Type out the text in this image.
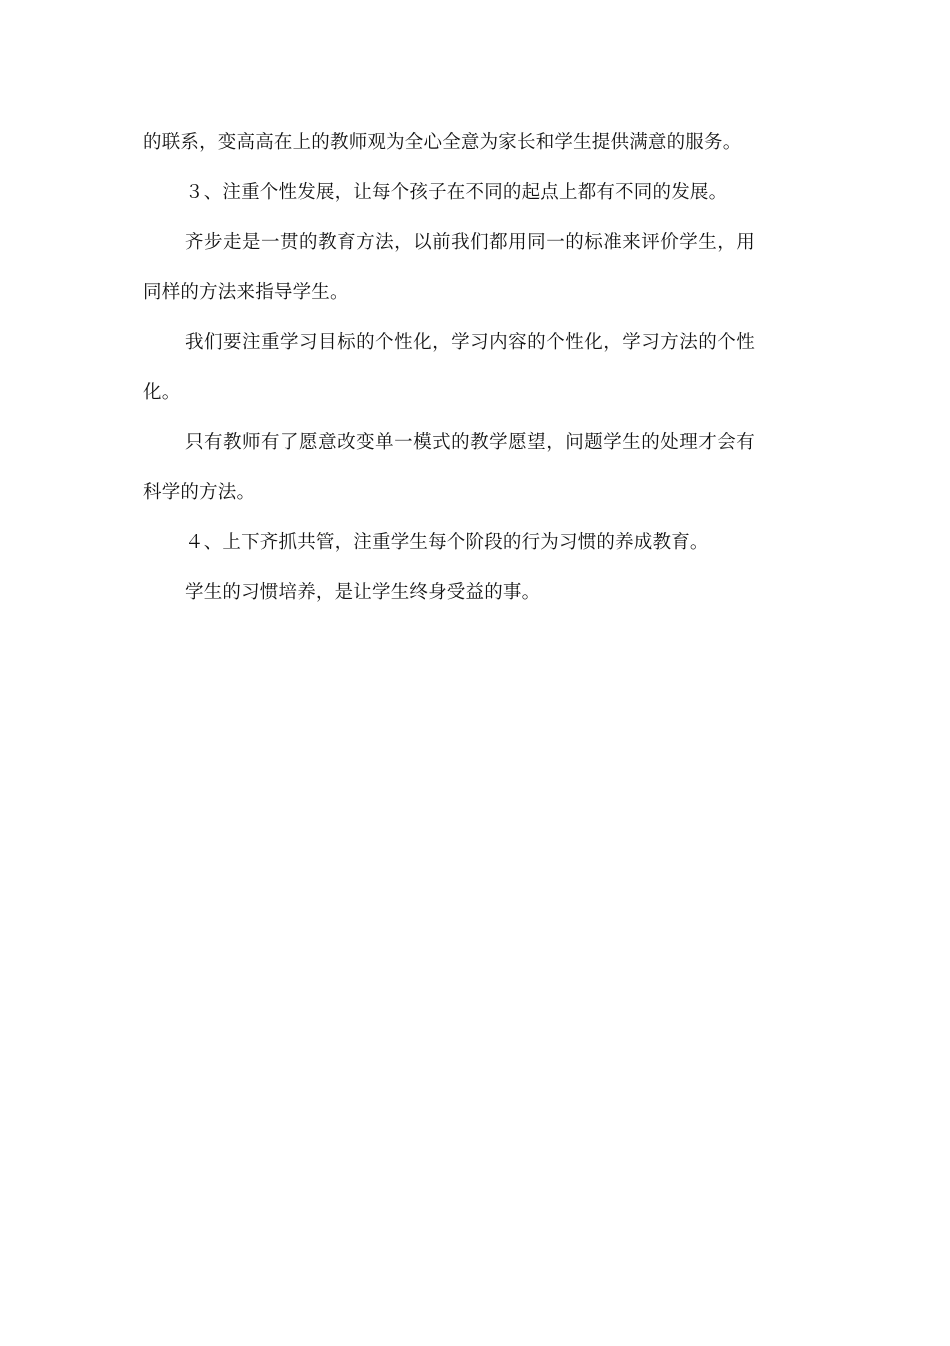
的联系，变高高在上的教师观为全心全意为家长和学生提供满意的服务。

３、注重个性发展，让每个孩子在不同的起点上都有不同的发展。

齐步走是一贯的教育方法，以前我们都用同一的标准来评价学生，用同样的方法来指导学生。

我们要注重学习目标的个性化，学习内容的个性化，学习方法的个性化。

只有教师有了愿意改变单一模式的教学愿望，问题学生的处理才会有科学的方法。

４、上下齐抓共管，注重学生每个阶段的行为习惯的养成教育。

学生的习惯培养，是让学生终身受益的事。
